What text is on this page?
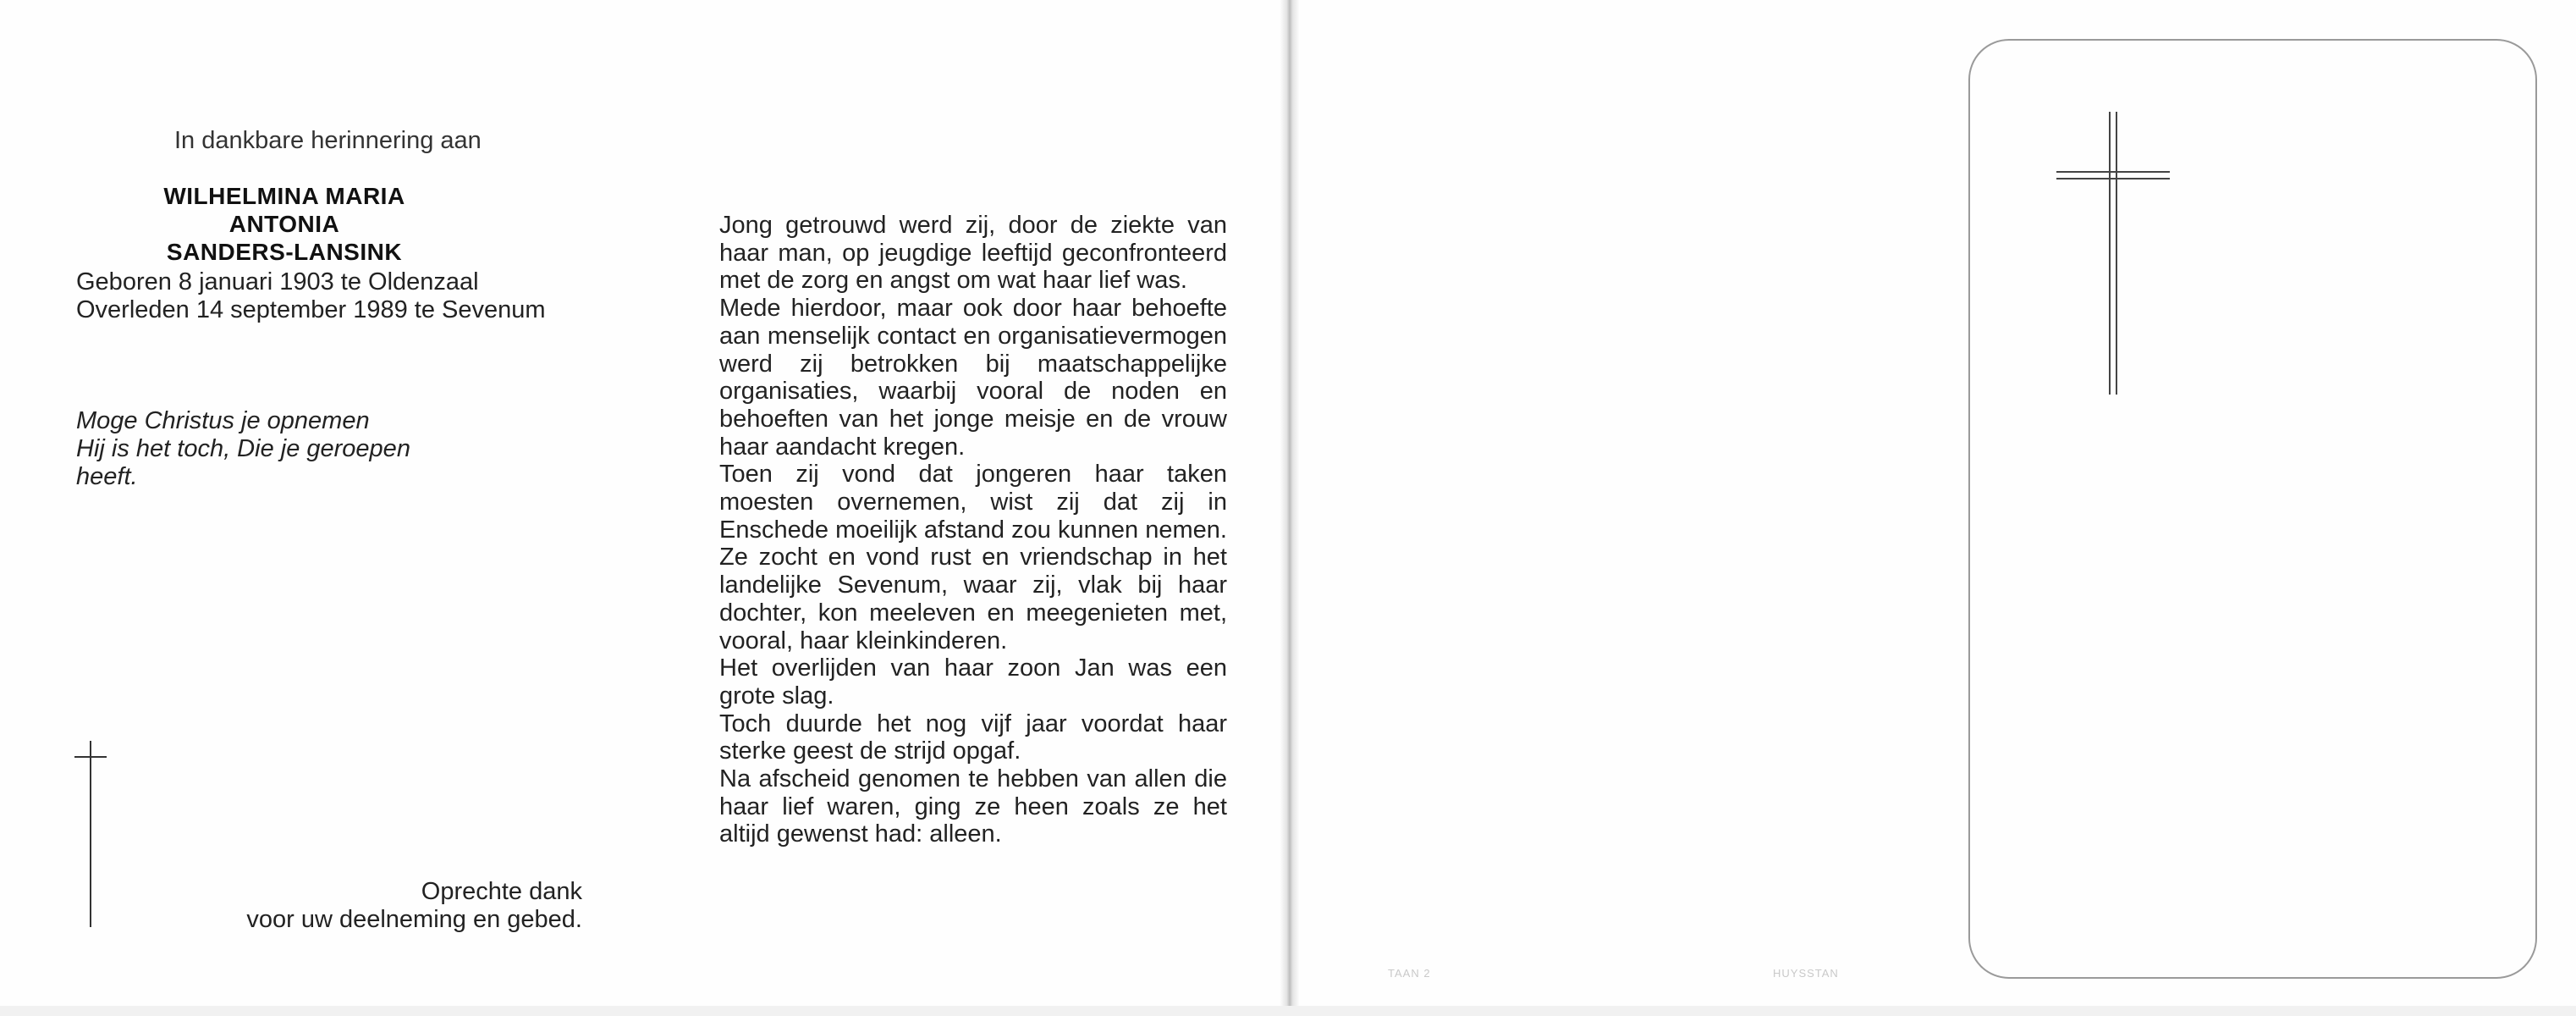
In dankbare herinnering aan
WILHELMINA MARIA ANTONIA
SANDERS-LANSINK
Geboren 8 januari 1903 te Oldenzaal
Overleden 14 september 1989 te Sevenum
Moge Christus je opnemen
Hij is het toch, Die je geroepen
heeft.
Oprechte dank
voor uw deelneming en gebed.

Jong getrouwd werd zij, door de ziekte van haar man, op jeugdige leeftijd geconfronteerd met de zorg en angst om wat haar lief was.

Mede hierdoor, maar ook door haar behoefte aan menselijk contact en organisatievermogen werd zij betrokken bij maatschappelijke organisaties, waarbij vooral de noden en behoeften van het jonge meisje en de vrouw haar aandacht kregen.

Toen zij vond dat jongeren haar taken moesten overnemen, wist zij dat zij in Enschede moeilijk afstand zou kunnen nemen. Ze zocht en vond rust en vriendschap in het landelijke Sevenum, waar zij, vlak bij haar dochter, kon meeleven en meegenieten met, vooral, haar kleinkinderen.

Het overlijden van haar zoon Jan was een grote slag.

Toch duurde het nog vijf jaar voordat haar sterke geest de strijd opgaf.

Na afscheid genomen te hebben van allen die haar lief waren, ging ze heen zoals ze het altijd gewenst had: alleen.

TAAN 2	HUYSSTAN
